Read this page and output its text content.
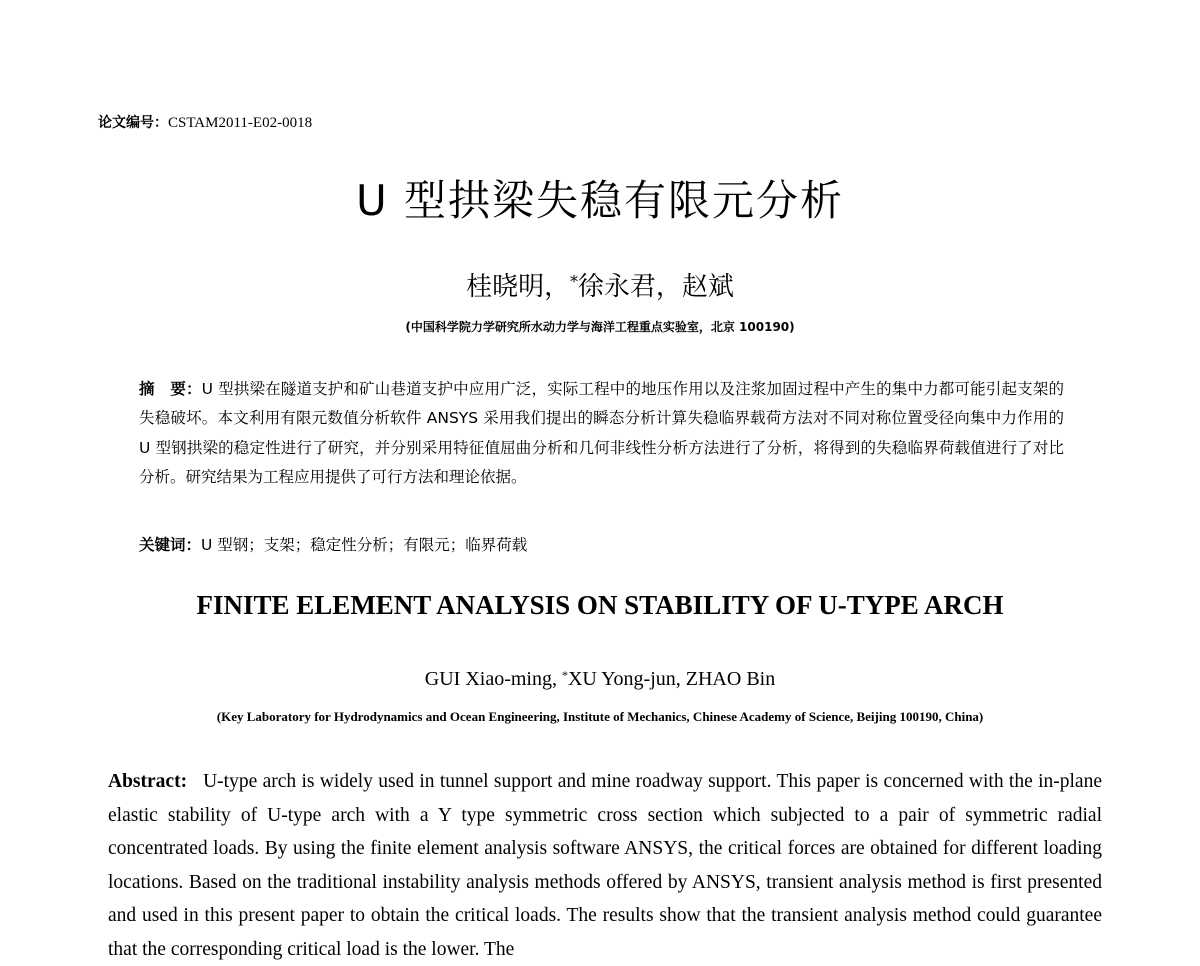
论文编号：CSTAM2011-E02-0018
U 型拱梁失稳有限元分析
桂晓明，*徐永君，赵斌
(中国科学院力学研究所水动力学与海洋工程重点实验室，北京 100190)
摘　要：U 型拱梁在隧道支护和矿山巷道支护中应用广泛，实际工程中的地压作用以及注浆加固过程中产生的集中力都可能引起支架的失稳破坏。本文利用有限元数值分析软件 ANSYS 采用我们提出的瞬态分析计算失稳临界载荷方法对不同对称位置受径向集中力作用的 U 型钢拱梁的稳定性进行了研究，并分别采用特征值屈曲分析和几何非线性分析方法进行了分析，将得到的失稳临界荷载值进行了对比分析。研究结果为工程应用提供了可行方法和理论依据。
关键词：U 型钢；支架；稳定性分析；有限元；临界荷载
FINITE ELEMENT ANALYSIS ON STABILITY OF U-TYPE ARCH
GUI Xiao-ming, *XU Yong-jun, ZHAO Bin
(Key Laboratory for Hydrodynamics and Ocean Engineering, Institute of Mechanics, Chinese Academy of Science, Beijing 100190, China)
Abstract: U-type arch is widely used in tunnel support and mine roadway support. This paper is concerned with the in-plane elastic stability of U-type arch with a Y type symmetric cross section which subjected to a pair of symmetric radial concentrated loads. By using the finite element analysis software ANSYS, the critical forces are obtained for different loading locations. Based on the traditional instability analysis methods offered by ANSYS, transient analysis method is first presented and used in this present paper to obtain the critical loads. The results show that the transient analysis method could guarantee that the corresponding critical load is the lower. The
